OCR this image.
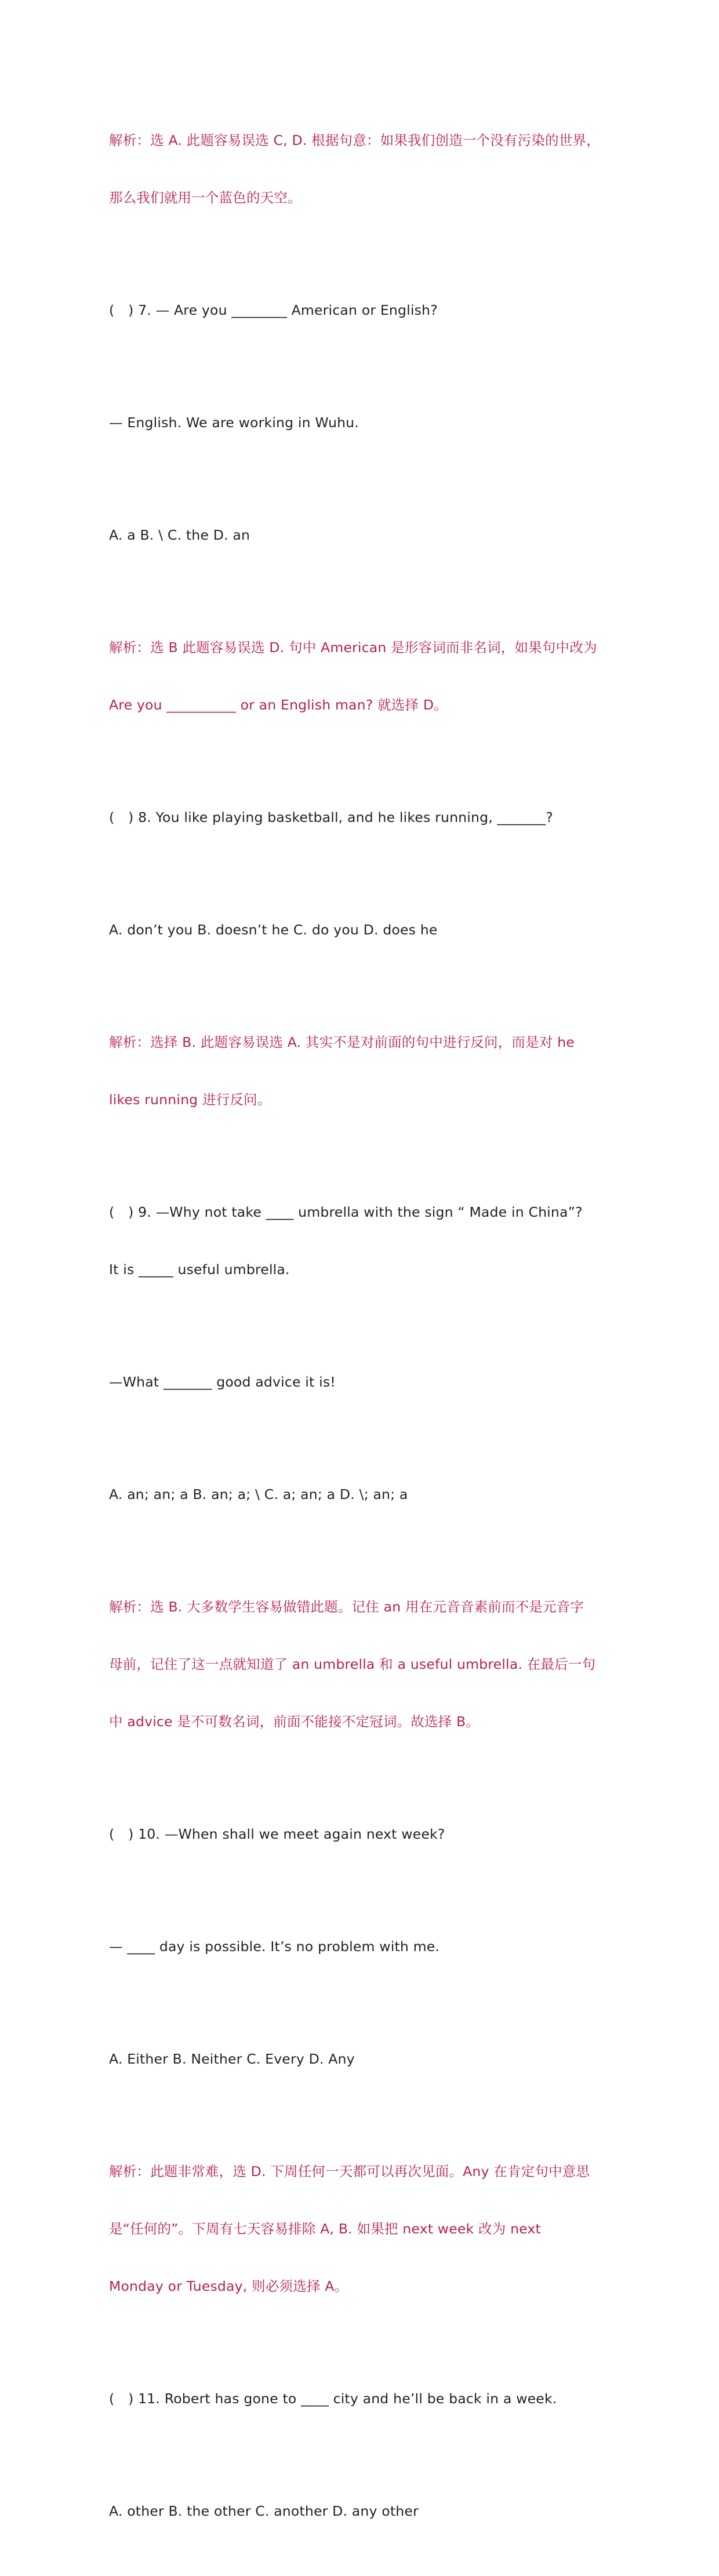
解析：选 A. 此题容易误选 C, D. 根据句意：如果我们创造一个没有污染的世界，

那么我们就用一个蓝色的天空。

(　) 7. — Are you ________ American or English?

— English. We are working in Wuhu.

A. a B. \ C. the D. an

解析：选 B 此题容易误选 D. 句中 American 是形容词而非名词，如果句中改为

Are you __________ or an English man? 就选择 D。

(　) 8. You like playing basketball, and he likes running, _______?

A. don’t you B. doesn’t he C. do you D. does he

解析：选择 B. 此题容易误选 A. 其实不是对前面的句中进行反问，而是对 he

likes running 进行反问。

(　) 9. —Why not take ____ umbrella with the sign “ Made in China”?

It is _____ useful umbrella.

—What _______ good advice it is!

A. an; an; a B. an; a; \ C. a; an; a D. \; an; a

解析：选 B. 大多数学生容易做错此题。记住 an 用在元音音素前而不是元音字

母前，记住了这一点就知道了 an umbrella 和 a useful umbrella. 在最后一句

中 advice 是不可数名词，前面不能接不定冠词。故选择 B。

(　) 10. —When shall we meet again next week?

— ____ day is possible. It’s no problem with me.

A. Either B. Neither C. Every D. Any

解析：此题非常难，选 D. 下周任何一天都可以再次见面。Any 在肯定句中意思

是“任何的”。下周有七天容易排除 A, B. 如果把 next week 改为 next

Monday or Tuesday, 则必须选择 A。

(　) 11. Robert has gone to ____ city and he’ll be back in a week.

A. other B. the other C. another D. any other
